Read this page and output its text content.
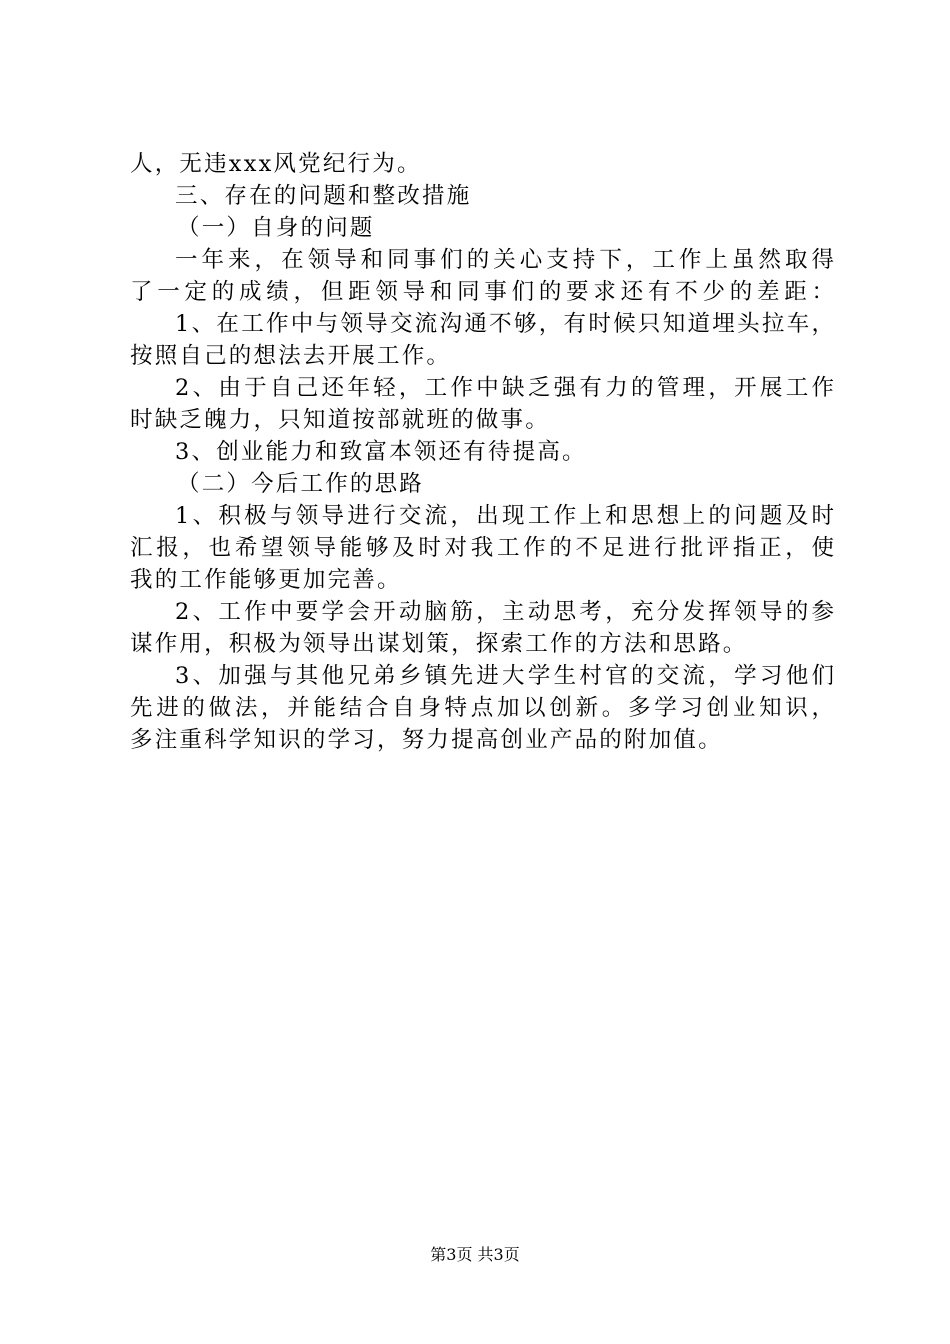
人，无违xxx风党纪行为。
三、存在的问题和整改措施
（一）自身的问题
一年来，在领导和同事们的关心支持下，工作上虽然取得
了一定的成绩，但距领导和同事们的要求还有不少的差距：
1、在工作中与领导交流沟通不够，有时候只知道埋头拉车，
按照自己的想法去开展工作。
2、由于自己还年轻，工作中缺乏强有力的管理，开展工作
时缺乏魄力，只知道按部就班的做事。
3、创业能力和致富本领还有待提高。
（二）今后工作的思路
1、积极与领导进行交流，出现工作上和思想上的问题及时
汇报，也希望领导能够及时对我工作的不足进行批评指正，使
我的工作能够更加完善。
2、工作中要学会开动脑筋，主动思考，充分发挥领导的参
谋作用，积极为领导出谋划策，探索工作的方法和思路。
3、加强与其他兄弟乡镇先进大学生村官的交流，学习他们
先进的做法，并能结合自身特点加以创新。多学习创业知识，
多注重科学知识的学习，努力提高创业产品的附加值。
第3页 共3页
